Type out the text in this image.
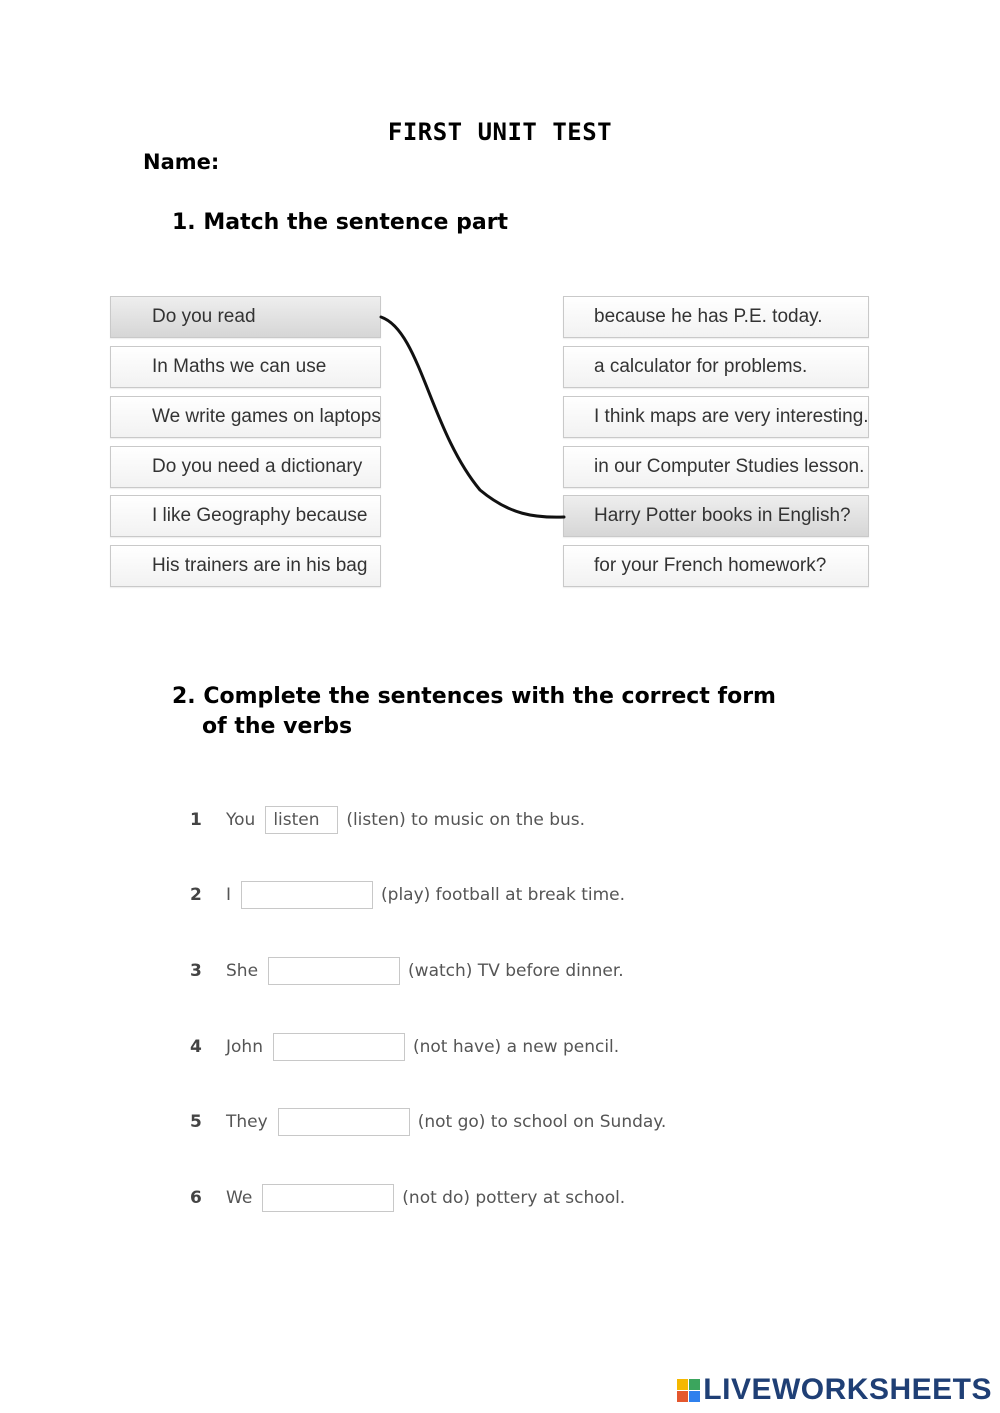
FIRST UNIT TEST
Name:
1. Match the sentence part
Do you read
In Maths we can use
We write games on laptops
Do you need a dictionary
I like Geography because
His trainers are in his bag
because he has P.E. today.
a calculator for problems.
I think maps are very interesting.
in our Computer Studies lesson.
Harry Potter books in English?
for your French homework?
2. Complete the sentences with the correct form
of the verbs
1	You	listen	(listen) to music on the bus.
2	I	(play) football at break time.
3	She	(watch) TV before dinner.
4	John	(not have) a new pencil.
5	They	(not go) to school on Sunday.
6	We	(not do) pottery at school.
LIVEWORKSHEETS
